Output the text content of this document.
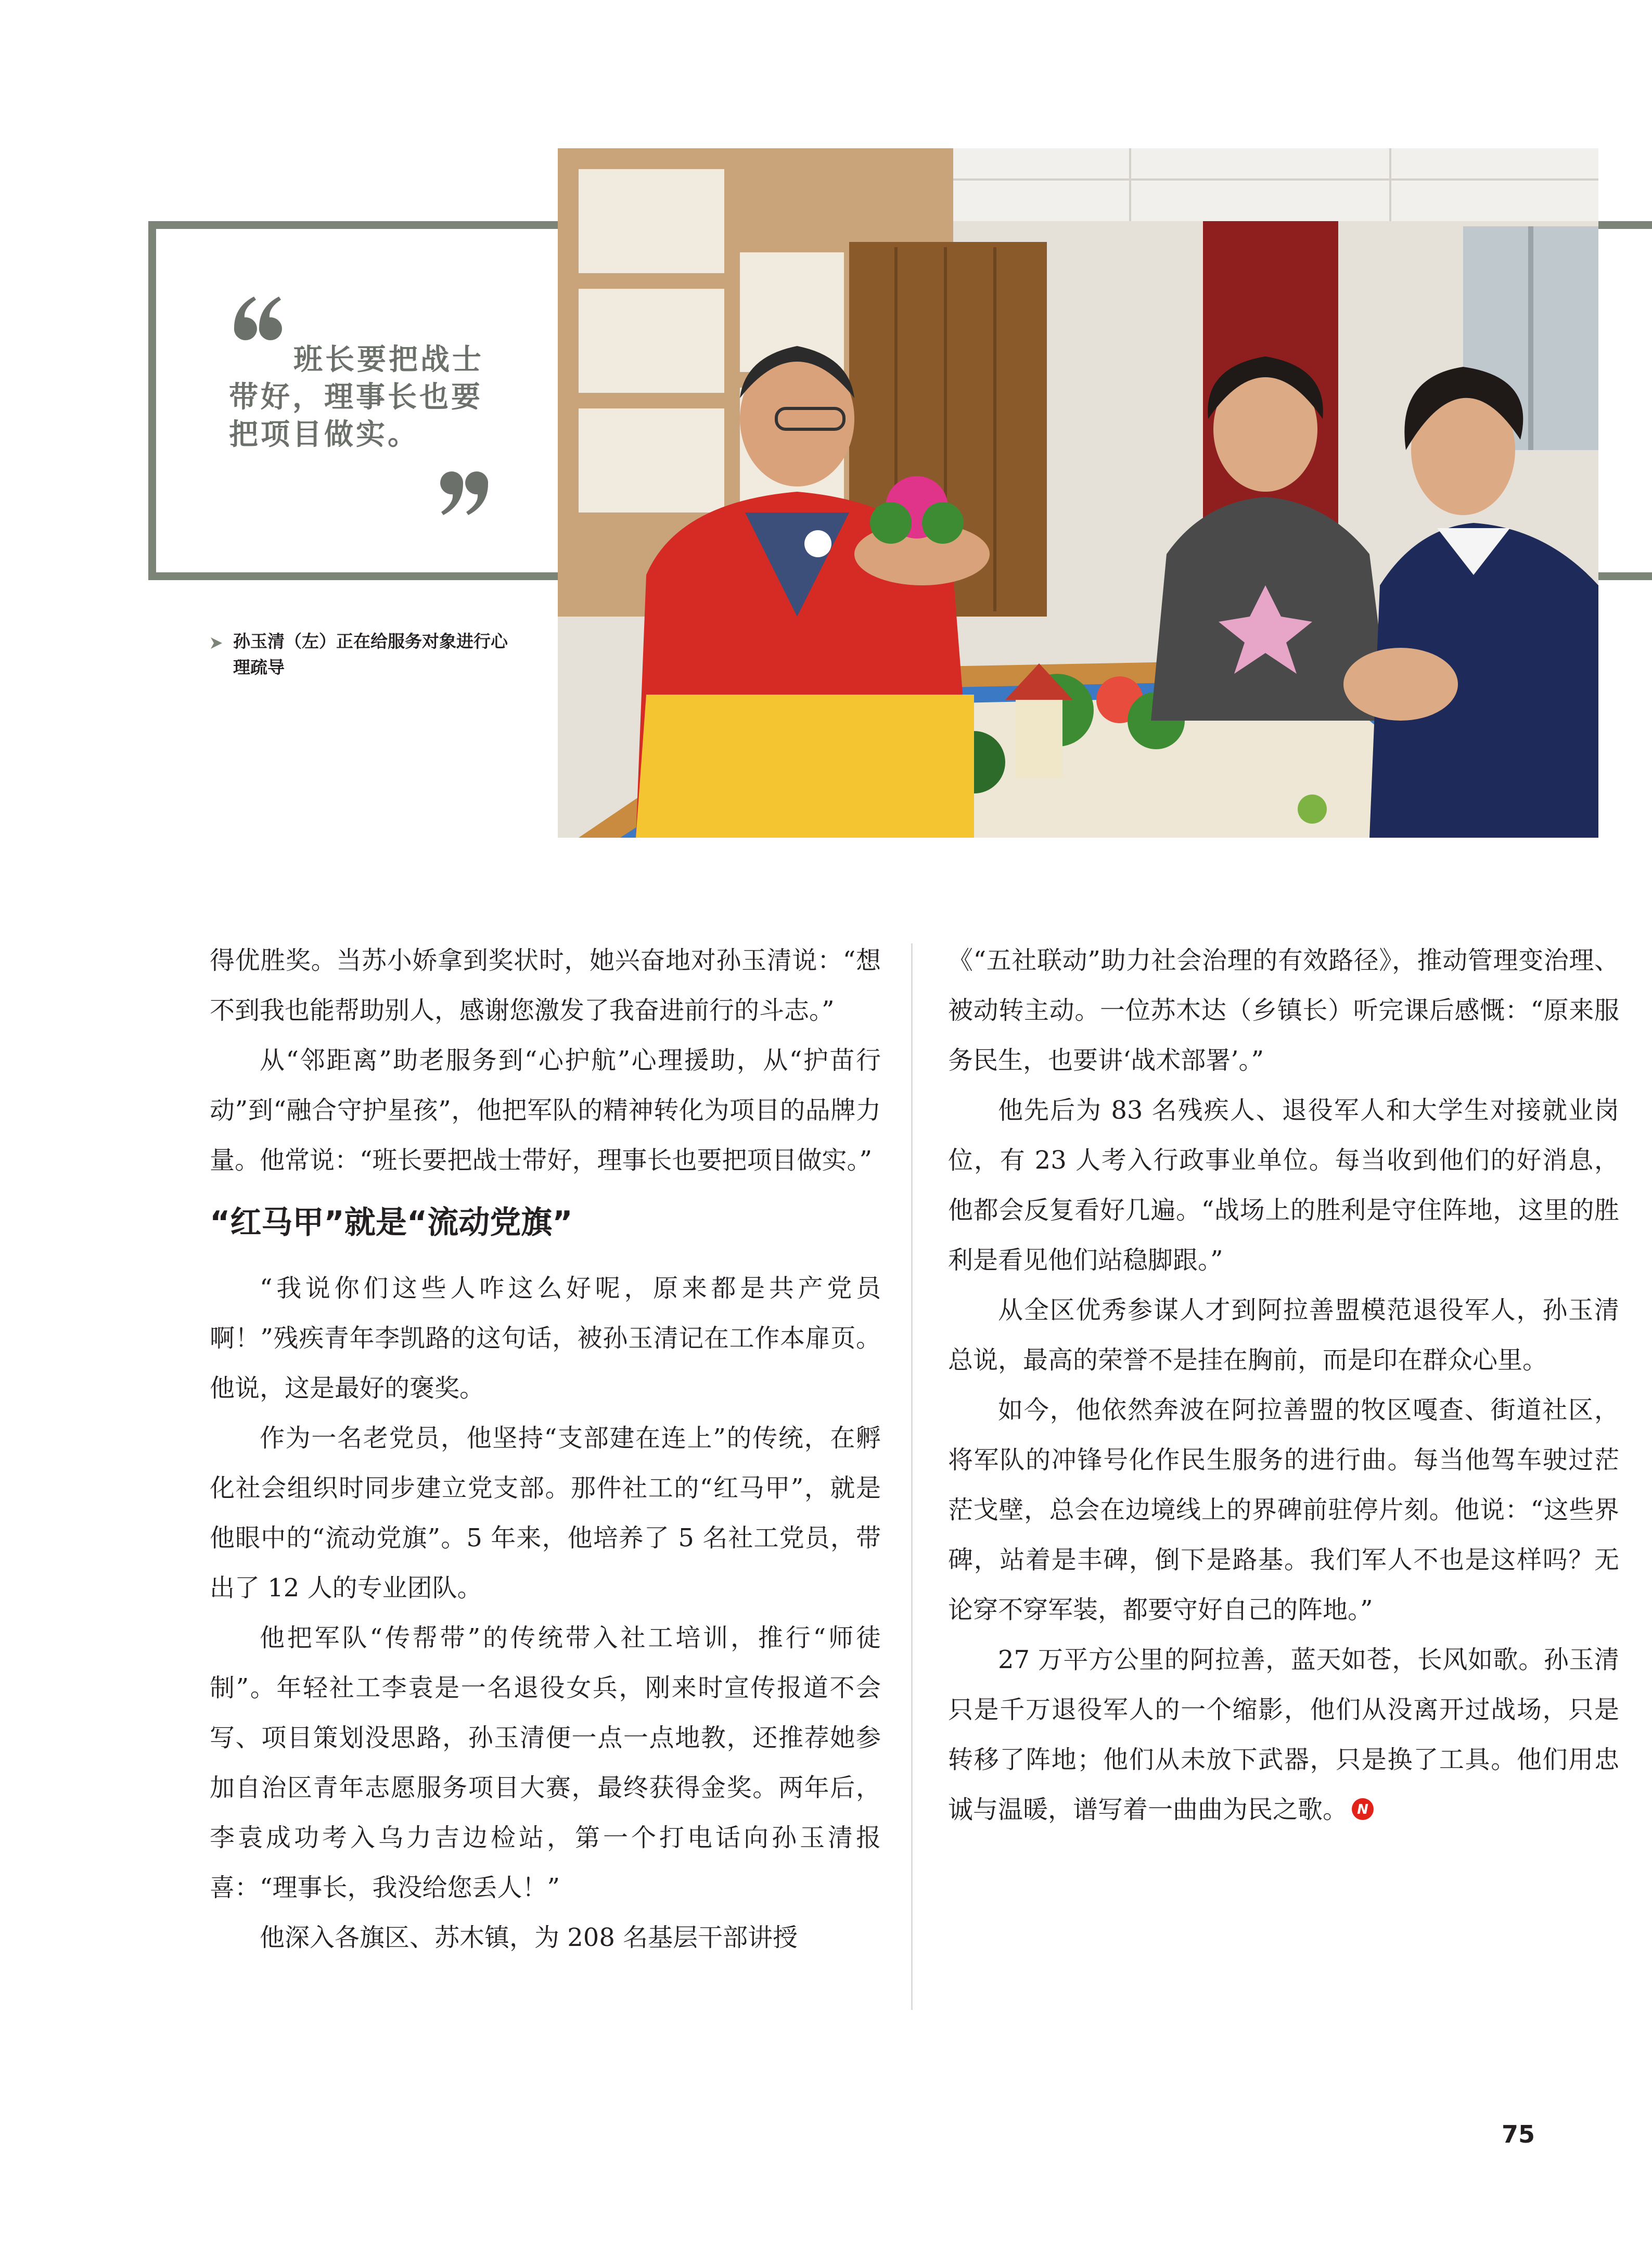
班长要把战士带好，理事长也要把项目做实。
孙玉清（左）正在给服务对象进行心理疏导

得优胜奖。当苏小娇拿到奖状时，她兴奋地对孙玉清说：“想不到我也能帮助别人，感谢您激发了我奋进前行的斗志。”

从“邻距离”助老服务到“心护航”心理援助，从“护苗行动”到“融合守护星孩”，他把军队的精神转化为项目的品牌力量。他常说：“班长要把战士带好，理事长也要把项目做实。”

“红马甲”就是“流动党旗”

“我说你们这些人咋这么好呢，原来都是共产党员啊！”残疾青年李凯路的这句话，被孙玉清记在工作本扉页。他说，这是最好的褒奖。

作为一名老党员，他坚持“支部建在连上”的传统，在孵化社会组织时同步建立党支部。那件社工的“红马甲”，就是他眼中的“流动党旗”。5 年来，他培养了 5 名社工党员，带出了 12 人的专业团队。

他把军队“传帮带”的传统带入社工培训，推行“师徒制”。年轻社工李袁是一名退役女兵，刚来时宣传报道不会写、项目策划没思路，孙玉清便一点一点地教，还推荐她参加自治区青年志愿服务项目大赛，最终获得金奖。两年后，李袁成功考入乌力吉边检站，第一个打电话向孙玉清报喜：“理事长，我没给您丢人！”

他深入各旗区、苏木镇，为 208 名基层干部讲授

《“五社联动”助力社会治理的有效路径》，推动管理变治理、被动转主动。一位苏木达（乡镇长）听完课后感慨：“原来服务民生，也要讲‘战术部署’。”

他先后为 83 名残疾人、退役军人和大学生对接就业岗位，有 23 人考入行政事业单位。每当收到他们的好消息，他都会反复看好几遍。“战场上的胜利是守住阵地，这里的胜利是看见他们站稳脚跟。”

从全区优秀参谋人才到阿拉善盟模范退役军人，孙玉清总说，最高的荣誉不是挂在胸前，而是印在群众心里。

如今，他依然奔波在阿拉善盟的牧区嘎查、街道社区，将军队的冲锋号化作民生服务的进行曲。每当他驾车驶过茫茫戈壁，总会在边境线上的界碑前驻停片刻。他说：“这些界碑，站着是丰碑，倒下是路基。我们军人不也是这样吗？无论穿不穿军装，都要守好自己的阵地。”

27 万平方公里的阿拉善，蓝天如苍，长风如歌。孙玉清只是千万退役军人的一个缩影，他们从没离开过战场，只是转移了阵地；他们从未放下武器，只是换了工具。他们用忠诚与温暖，谱写着一曲曲为民之歌。 N

75
